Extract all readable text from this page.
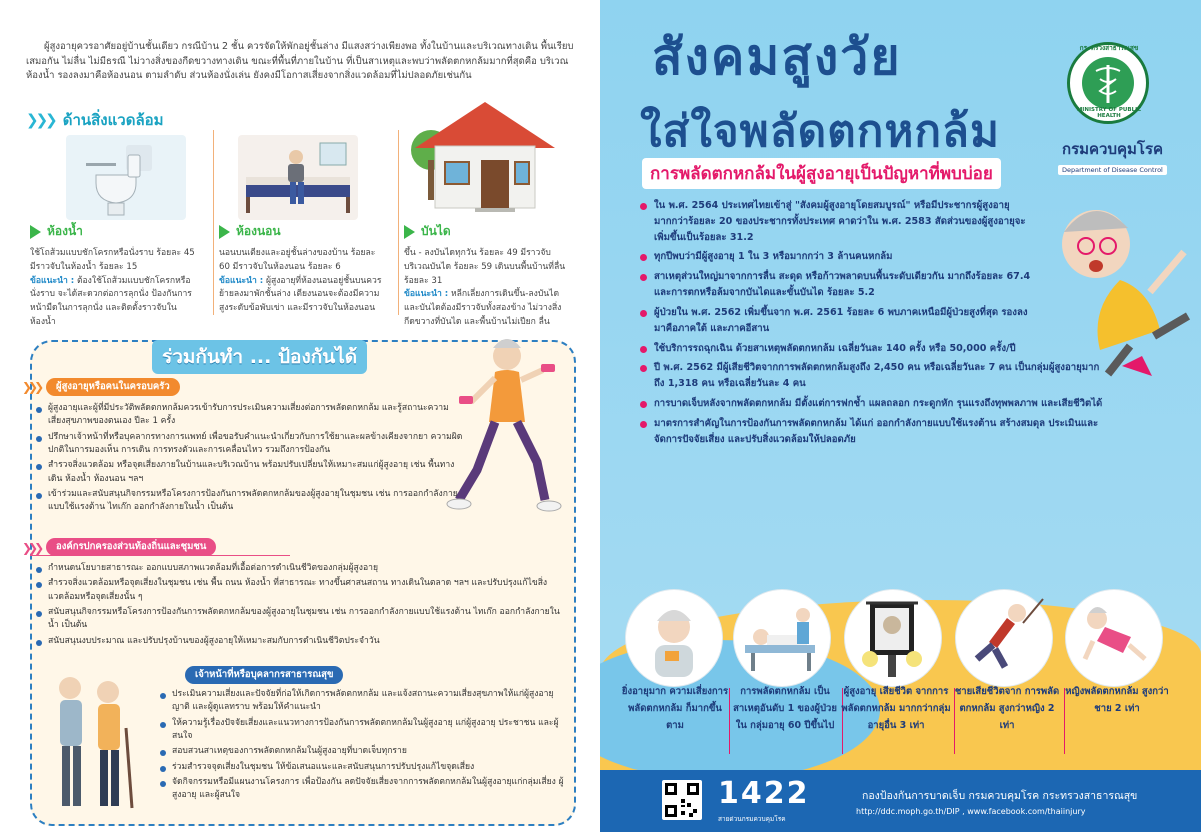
ผู้สูงอายุควรอาศัยอยู่บ้านชั้นเดียว กรณีบ้าน 2 ชั้น ควรจัดให้พักอยู่ชั้นล่าง มีแสงสว่างเพียงพอ ทั้งในบ้านและบริเวณทางเดิน พื้นเรียบเสมอกัน ไม่ลื่น ไม่มีธรณี ไม่วางสิ่งของกีดขวางทางเดิน ขณะที่พื้นที่ภายในบ้าน ที่เป็นสาเหตุและพบว่าพลัดตกหกล้มมากที่สุดคือ บริเวณห้องน้ำ รองลงมาคือห้องนอน ตามลำดับ ส่วนห้องนั่งเล่น ยังคงมีโอกาสเสี่ยงจากสิ่งแวดล้อมที่ไม่ปลอดภัยเช่นกัน

❯❯❯ ด้านสิ่งแวดล้อม
ห้องน้ำ
ใช้โถส้วมแบบชักโครกหรือนั่งราบ ร้อยละ 45 มีราวจับในห้องน้ำ ร้อยละ 15
ข้อแนะนำ : ต้องใช้โถส้วมแบบชักโครกหรือนั่งราบ จะได้สะดวกต่อการลุกนั่ง ป้องกันการหน้ามืดในการลุกนั่ง และติดตั้งราวจับในห้องน้ำ
ห้องนอน
นอนบนเตียงและอยู่ชั้นล่างของบ้าน ร้อยละ 60 มีราวจับในห้องนอน ร้อยละ 6
ข้อแนะนำ : ผู้สูงอายุที่ห้องนอนอยู่ชั้นบนควรย้ายลงมาพักชั้นล่าง เตียงนอนจะต้องมีความสูงระดับข้อพับเข่า และมีราวจับในห้องนอน
บันได
ขึ้น - ลงบันไดทุกวัน ร้อยละ 49 มีราวจับบริเวณบันได ร้อยละ 59 เดินบนพื้นบ้านที่ลื่นร้อยละ 31
ข้อแนะนำ : หลีกเลี่ยงการเดินขึ้น-ลงบันได และบันไดต้องมีราวจับทั้งสองข้าง ไม่วางสิ่งกีดขวางที่บันได และพื้นบ้านไม่เปียก ลื่น
ร่วมกันทำ ... ป้องกันได้
❯❯❯	ผู้สูงอายุหรือคนในครอบครัว
ผู้สูงอายุและผู้ที่มีประวัติพลัดตกหกล้มควรเข้ารับการประเมินความเสี่ยงต่อการพลัดตกหกล้ม และรู้สถานะความเสี่ยงสุขภาพของตนเอง ปีละ 1 ครั้ง
ปรึกษาเจ้าหน้าที่หรือบุคลากรทางการแพทย์ เพื่อขอรับคำแนะนำเกี่ยวกับการใช้ยาและผลข้างเคียงจากยา ความผิดปกติในการมองเห็น การเดิน การทรงตัวและการเคลื่อนไหว รวมถึงการป้องกัน
สำรวจสิ่งแวดล้อม หรือจุดเสี่ยงภายในบ้านและบริเวณบ้าน พร้อมปรับเปลี่ยนให้เหมาะสมแก่ผู้สูงอายุ เช่น พื้นทางเดิน ห้องน้ำ ห้องนอน ฯลฯ
เข้าร่วมและสนับสนุนกิจกรรมหรือโครงการป้องกันการพลัดตกหกล้มของผู้สูงอายุในชุมชน เช่น การออกกำลังกายแบบใช้แรงต้าน ไทเก๊ก ออกกำลังกายในน้ำ เป็นต้น
❯❯❯	องค์กรปกครองส่วนท้องถิ่นและชุมชน
กำหนดนโยบายสาธารณะ ออกแบบสภาพแวดล้อมที่เอื้อต่อการดำเนินชีวิตของกลุ่มผู้สูงอายุ
สำรวจสิ่งแวดล้อมหรือจุดเสี่ยงในชุมชน เช่น พื้น ถนน ห้องน้ำ ที่สาธารณะ ทางขึ้นศาสนสถาน ทางเดินในตลาด ฯลฯ และปรับปรุงแก้ไขสิ่งแวดล้อมหรือจุดเสี่ยงนั้น ๆ
สนับสนุนกิจกรรมหรือโครงการป้องกันการพลัดตกหกล้มของผู้สูงอายุในชุมชน เช่น การออกกำลังกายแบบใช้แรงต้าน ไทเก๊ก ออกกำลังกายในน้ำ เป็นต้น
สนับสนุนงบประมาณ และปรับปรุงบ้านของผู้สูงอายุให้เหมาะสมกับการดำเนินชีวิตประจำวัน
เจ้าหน้าที่หรือบุคลากรสาธารณสุข
ประเมินความเสี่ยงและปัจจัยที่ก่อให้เกิดการพลัดตกหกล้ม และแจ้งสถานะความเสี่ยงสุขภาพให้แก่ผู้สูงอายุ ญาติ และผู้ดูแลทราบ พร้อมให้คำแนะนำ
ให้ความรู้เรื่องปัจจัยเสี่ยงและแนวทางการป้องกันการพลัดตกหกล้มในผู้สูงอายุ แก่ผู้สูงอายุ ประชาชน และผู้สนใจ
สอบสวนสาเหตุของการพลัดตกหกล้มในผู้สูงอายุที่บาดเจ็บทุกราย
ร่วมสำรวจจุดเสี่ยงในชุมชน ให้ข้อเสนอแนะและสนับสนุนการปรับปรุงแก้ไขจุดเสี่ยง
จัดกิจกรรมหรือมีแผนงานโครงการ เพื่อป้องกัน ลดปัจจัยเสี่ยงจากการพลัดตกหกล้มในผู้สูงอายุแก่กลุ่มเสี่ยง ผู้สูงอายุ และผู้สนใจ
สังคมสูงวัย
ใส่ใจพลัดตกหกล้ม
การพลัดตกหกล้มในผู้สูงอายุเป็นปัญหาที่พบบ่อย
กระทรวงสาธารณสุข
MINISTRY OF PUBLIC HEALTH
กรมควบคุมโรค
Department of Disease Control
ใน พ.ศ. 2564 ประเทศไทยเข้าสู่ "สังคมผู้สูงอายุโดยสมบูรณ์" หรือมีประชากรผู้สูงอายุมากกว่าร้อยละ 20 ของประชากรทั้งประเทศ คาดว่าใน พ.ศ. 2583 สัดส่วนของผู้สูงอายุจะเพิ่มขึ้นเป็นร้อยละ 31.2
ทุกปีพบว่ามีผู้สูงอายุ 1 ใน 3 หรือมากกว่า 3 ล้านคนหกล้ม
สาเหตุส่วนใหญ่มาจากการลื่น สะดุด หรือก้าวพลาดบนพื้นระดับเดียวกัน มากถึงร้อยละ 67.4 และการตกหรือล้มจากบันไดและขั้นบันได ร้อยละ 5.2
ผู้ป่วยใน พ.ศ. 2562 เพิ่มขึ้นจาก พ.ศ. 2561 ร้อยละ 6 พบภาคเหนือมีผู้ป่วยสูงที่สุด รองลงมาคือภาคใต้ และภาคอีสาน
ใช้บริการรถฉุกเฉิน ด้วยสาเหตุพลัดตกหกล้ม เฉลี่ยวันละ 140 ครั้ง หรือ 50,000 ครั้ง/ปี
ปี พ.ศ. 2562 มีผู้เสียชีวิตจากการพลัดตกหกล้มสูงถึง 2,450 คน หรือเฉลี่ยวันละ 7 คน เป็นกลุ่มผู้สูงอายุมากถึง 1,318 คน หรือเฉลี่ยวันละ 4 คน
การบาดเจ็บหลังจากพลัดตกหกล้ม มีตั้งแต่การฟกช้ำ แผลถลอก กระดูกหัก รุนแรงถึงทุพพลภาพ และเสียชีวิตได้
มาตรการสำคัญในการป้องกันการพลัดตกหกล้ม ได้แก่ ออกกำลังกายแบบใช้แรงต้าน สร้างสมดุล ประเมินและจัดการปัจจัยเสี่ยง และปรับสิ่งแวดล้อมให้ปลอดภัย
ยิ่งอายุมาก ความเสี่ยงการพลัดตกหกล้ม ก็มากขึ้นตาม
การพลัดตกหกล้ม เป็นสาเหตุอันดับ 1 ของผู้ป่วยใน กลุ่มอายุ 60 ปีขึ้นไป
ผู้สูงอายุ เสียชีวิต จากการพลัดตกหกล้ม มากกว่ากลุ่มอายุอื่น 3 เท่า
ชายเสียชีวิตจาก การพลัดตกหกล้ม สูงกว่าหญิง 2 เท่า
หญิงพลัดตกหกล้ม สูงกว่าชาย 2 เท่า
1422
สายด่วนกรมควบคุมโรค
กองป้องกันการบาดเจ็บ กรมควบคุมโรค กระทรวงสาธารณสุข
http://ddc.moph.go.th/DIP , www.facebook.com/thaiinjury
